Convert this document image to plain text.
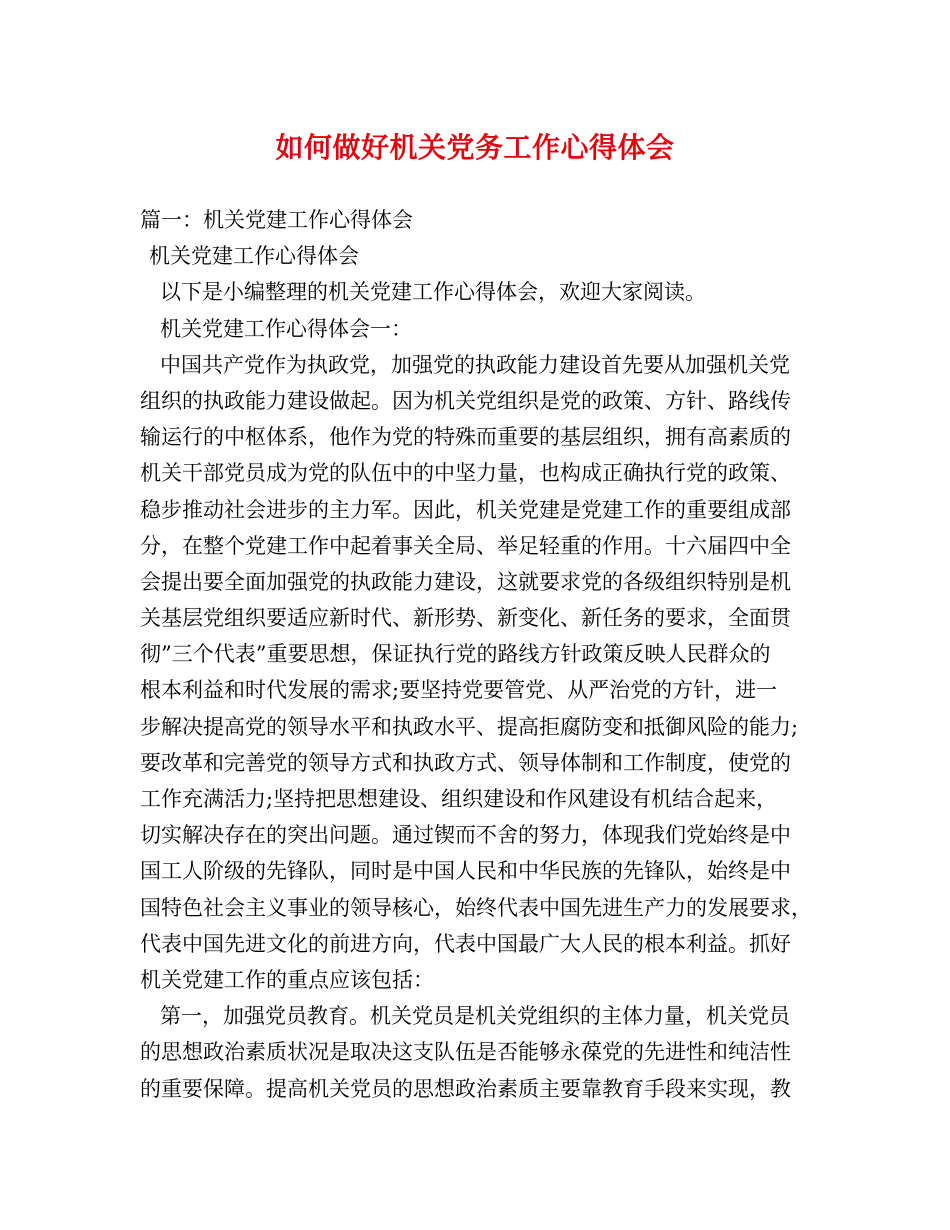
如何做好机关党务工作心得体会
篇一：机关党建工作心得体会
机关党建工作心得体会
以下是小编整理的机关党建工作心得体会，欢迎大家阅读。
机关党建工作心得体会一：
中国共产党作为执政党，加强党的执政能力建设首先要从加强机关党
组织的执政能力建设做起。因为机关党组织是党的政策、方针、路线传
输运行的中枢体系，他作为党的特殊而重要的基层组织，拥有高素质的
机关干部党员成为党的队伍中的中坚力量，也构成正确执行党的政策、
稳步推动社会进步的主力军。因此，机关党建是党建工作的重要组成部
分，在整个党建工作中起着事关全局、举足轻重的作用。十六届四中全
会提出要全面加强党的执政能力建设，这就要求党的各级组织特别是机
关基层党组织要适应新时代、新形势、新变化、新任务的要求，全面贯
彻”三个代表”重要思想，保证执行党的路线方针政策反映人民群众的
根本利益和时代发展的需求;要坚持党要管党、从严治党的方针，进一
步解决提高党的领导水平和执政水平、提高拒腐防变和抵御风险的能力;
要改革和完善党的领导方式和执政方式、领导体制和工作制度，使党的
工作充满活力;坚持把思想建设、组织建设和作风建设有机结合起来，
切实解决存在的突出问题。通过锲而不舍的努力，体现我们党始终是中
国工人阶级的先锋队，同时是中国人民和中华民族的先锋队，始终是中
国特色社会主义事业的领导核心，始终代表中国先进生产力的发展要求，
代表中国先进文化的前进方向，代表中国最广大人民的根本利益。抓好
机关党建工作的重点应该包括：
第一，加强党员教育。机关党员是机关党组织的主体力量，机关党员
的思想政治素质状况是取决这支队伍是否能够永葆党的先进性和纯洁性
的重要保障。提高机关党员的思想政治素质主要靠教育手段来实现，教
